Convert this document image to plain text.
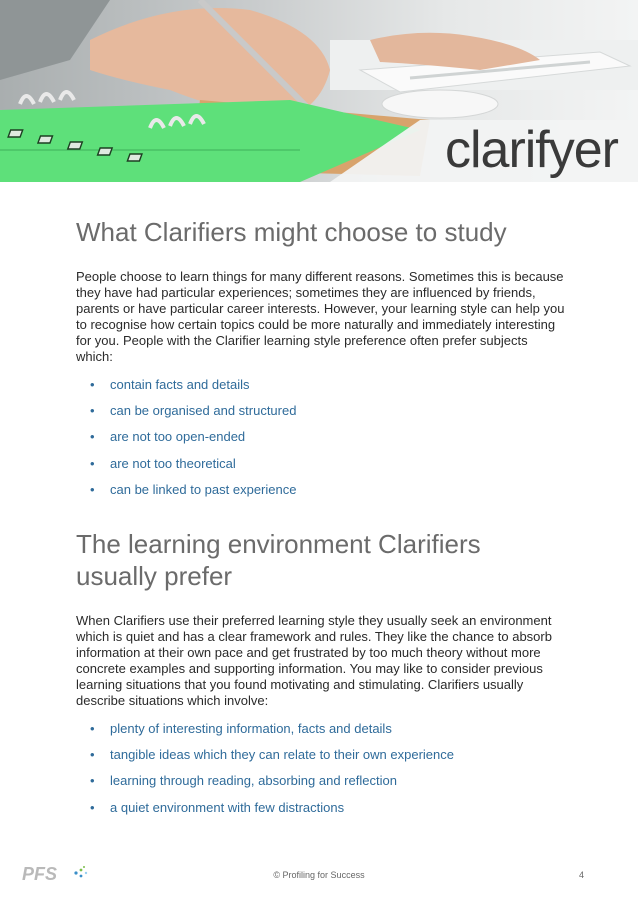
clarifyer
What Clarifiers might choose to study

People choose to learn things for many different reasons. Sometimes this is because they have had particular experiences; sometimes they are influenced by friends, parents or have particular career interests. However, your learning style can help you to recognise how certain topics could be more naturally and immediately interesting for you. People with the Clarifier learning style preference often prefer subjects which:

• contain facts and details
• can be organised and structured
• are not too open-ended
• are not too theoretical
• can be linked to past experience
The learning environment Clarifiers
usually prefer

When Clarifiers use their preferred learning style they usually seek an environment which is quiet and has a clear framework and rules. They like the chance to absorb information at their own pace and get frustrated by too much theory without more concrete examples and supporting information. You may like to consider previous learning situations that you found motivating and stimulating. Clarifiers usually describe situations which involve:

• plenty of interesting information, facts and details
• tangible ideas which they can relate to their own experience
• learning through reading, absorbing and reflection
• a quiet environment with few distractions
PFS	© Profiling for Success	4
